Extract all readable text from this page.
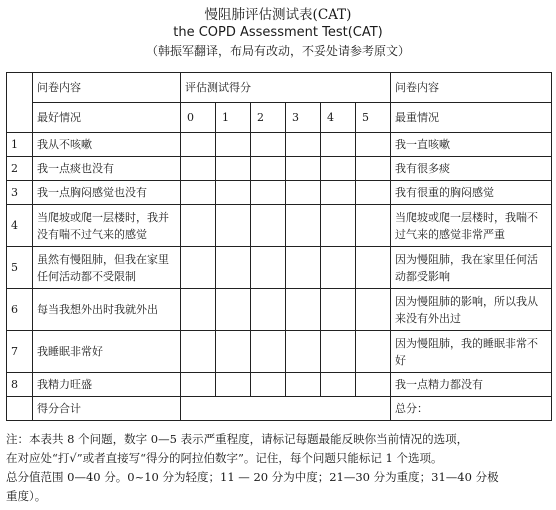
慢阻肺评估测试表(CAT)
the COPD Assessment Test(CAT)
（韩振军翻译，布局有改动，不妥处请参考原文）
	问卷内容	评估测试得分						问卷内容
	最好情况	0	1	2	3	4	5	最重情况
1	我从不咳嗽							我一直咳嗽
2	我一点痰也没有							我有很多痰
3	我一点胸闷感觉也没有							我有很重的胸闷感觉
4	当爬坡或爬一层楼时，我并没有喘不过气来的感觉							当爬坡或爬一层楼时，我喘不过气来的感觉非常严重
5	虽然有慢阻肺，但我在家里任何活动都不受限制							因为慢阻肺，我在家里任何活动都受影响
6	每当我想外出时我就外出							因为慢阻肺的影响，所以我从来没有外出过
7	我睡眠非常好							因为慢阻肺，我的睡眠非常不好
8	我精力旺盛							我一点精力都没有
	得分合计							总分：
注：本表共 8 个问题，数字 0—5 表示严重程度，请标记每题最能反映你当前情况的选项，
在对应处“打√”或者直接写“得分的阿拉伯数字”。记住，每个问题只能标记 1 个选项。
总分值范围 0—40 分。0~10 分为轻度；11 — 20 分为中度；21—30 分为重度；31—40 分极
重度）。
